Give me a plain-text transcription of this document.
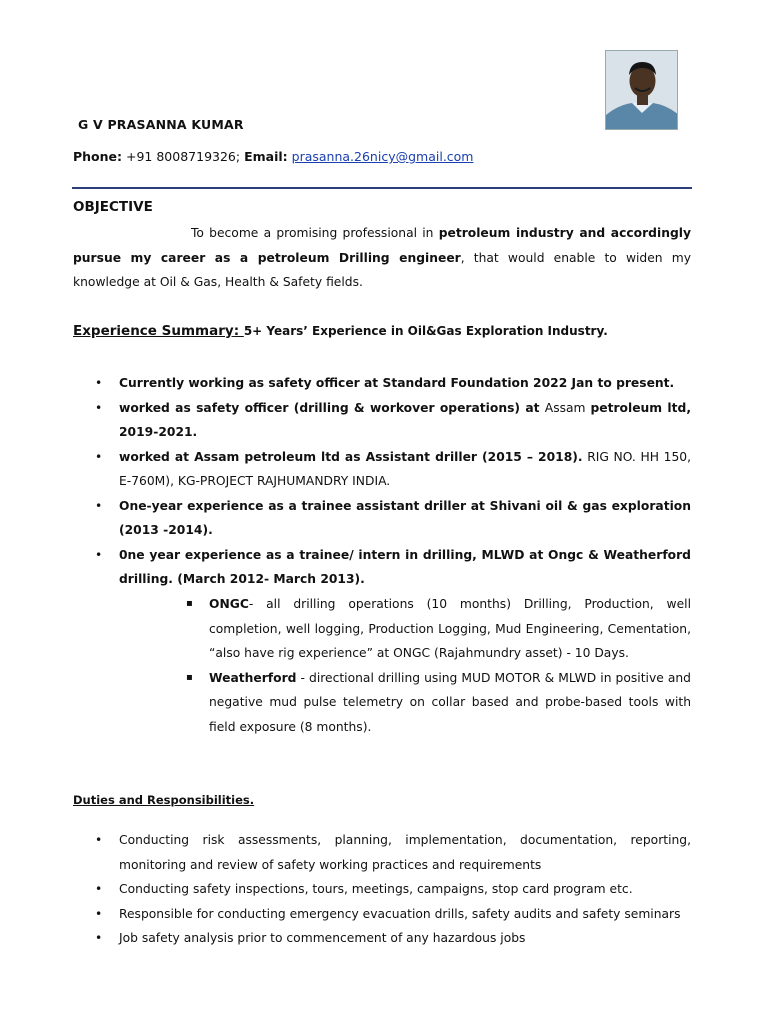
G V PRASANNA KUMAR
Phone: +91 8008719326; Email: prasanna.26nicy@gmail.com
OBJECTIVE
To become a promising professional in petroleum industry and accordingly pursue my career as a petroleum Drilling engineer, that would enable to widen my knowledge at Oil & Gas, Health & Safety fields.
Experience Summary: 5+ Years’ Experience in Oil&Gas Exploration Industry.
• Currently working as safety officer at Standard Foundation 2022 Jan to present.
• worked as safety officer (drilling & workover operations) at Assam petroleum ltd, 2019-2021.
• worked at Assam petroleum ltd as Assistant driller (2015 – 2018). RIG NO. HH 150, E-760M), KG-PROJECT RAJHUMANDRY INDIA.
• One-year experience as a trainee assistant driller at Shivani oil & gas exploration (2013 -2014).
• 0ne year experience as a trainee/ intern in drilling, MLWD at Ongc & Weatherford drilling. (March 2012- March 2013).
▪ ONGC- all drilling operations (10 months) Drilling, Production, well completion, well logging, Production Logging, Mud Engineering, Cementation, “also have rig experience” at ONGC (Rajahmundry asset) - 10 Days.
▪ Weatherford - directional drilling using MUD MOTOR & MLWD in positive and negative mud pulse telemetry on collar based and probe-based tools with field exposure (8 months).
Duties and Responsibilities.
• Conducting risk assessments, planning, implementation, documentation, reporting, monitoring and review of safety working practices and requirements
• Conducting safety inspections, tours, meetings, campaigns, stop card program etc.
• Responsible for conducting emergency evacuation drills, safety audits and safety seminars
• Job safety analysis prior to commencement of any hazardous jobs
